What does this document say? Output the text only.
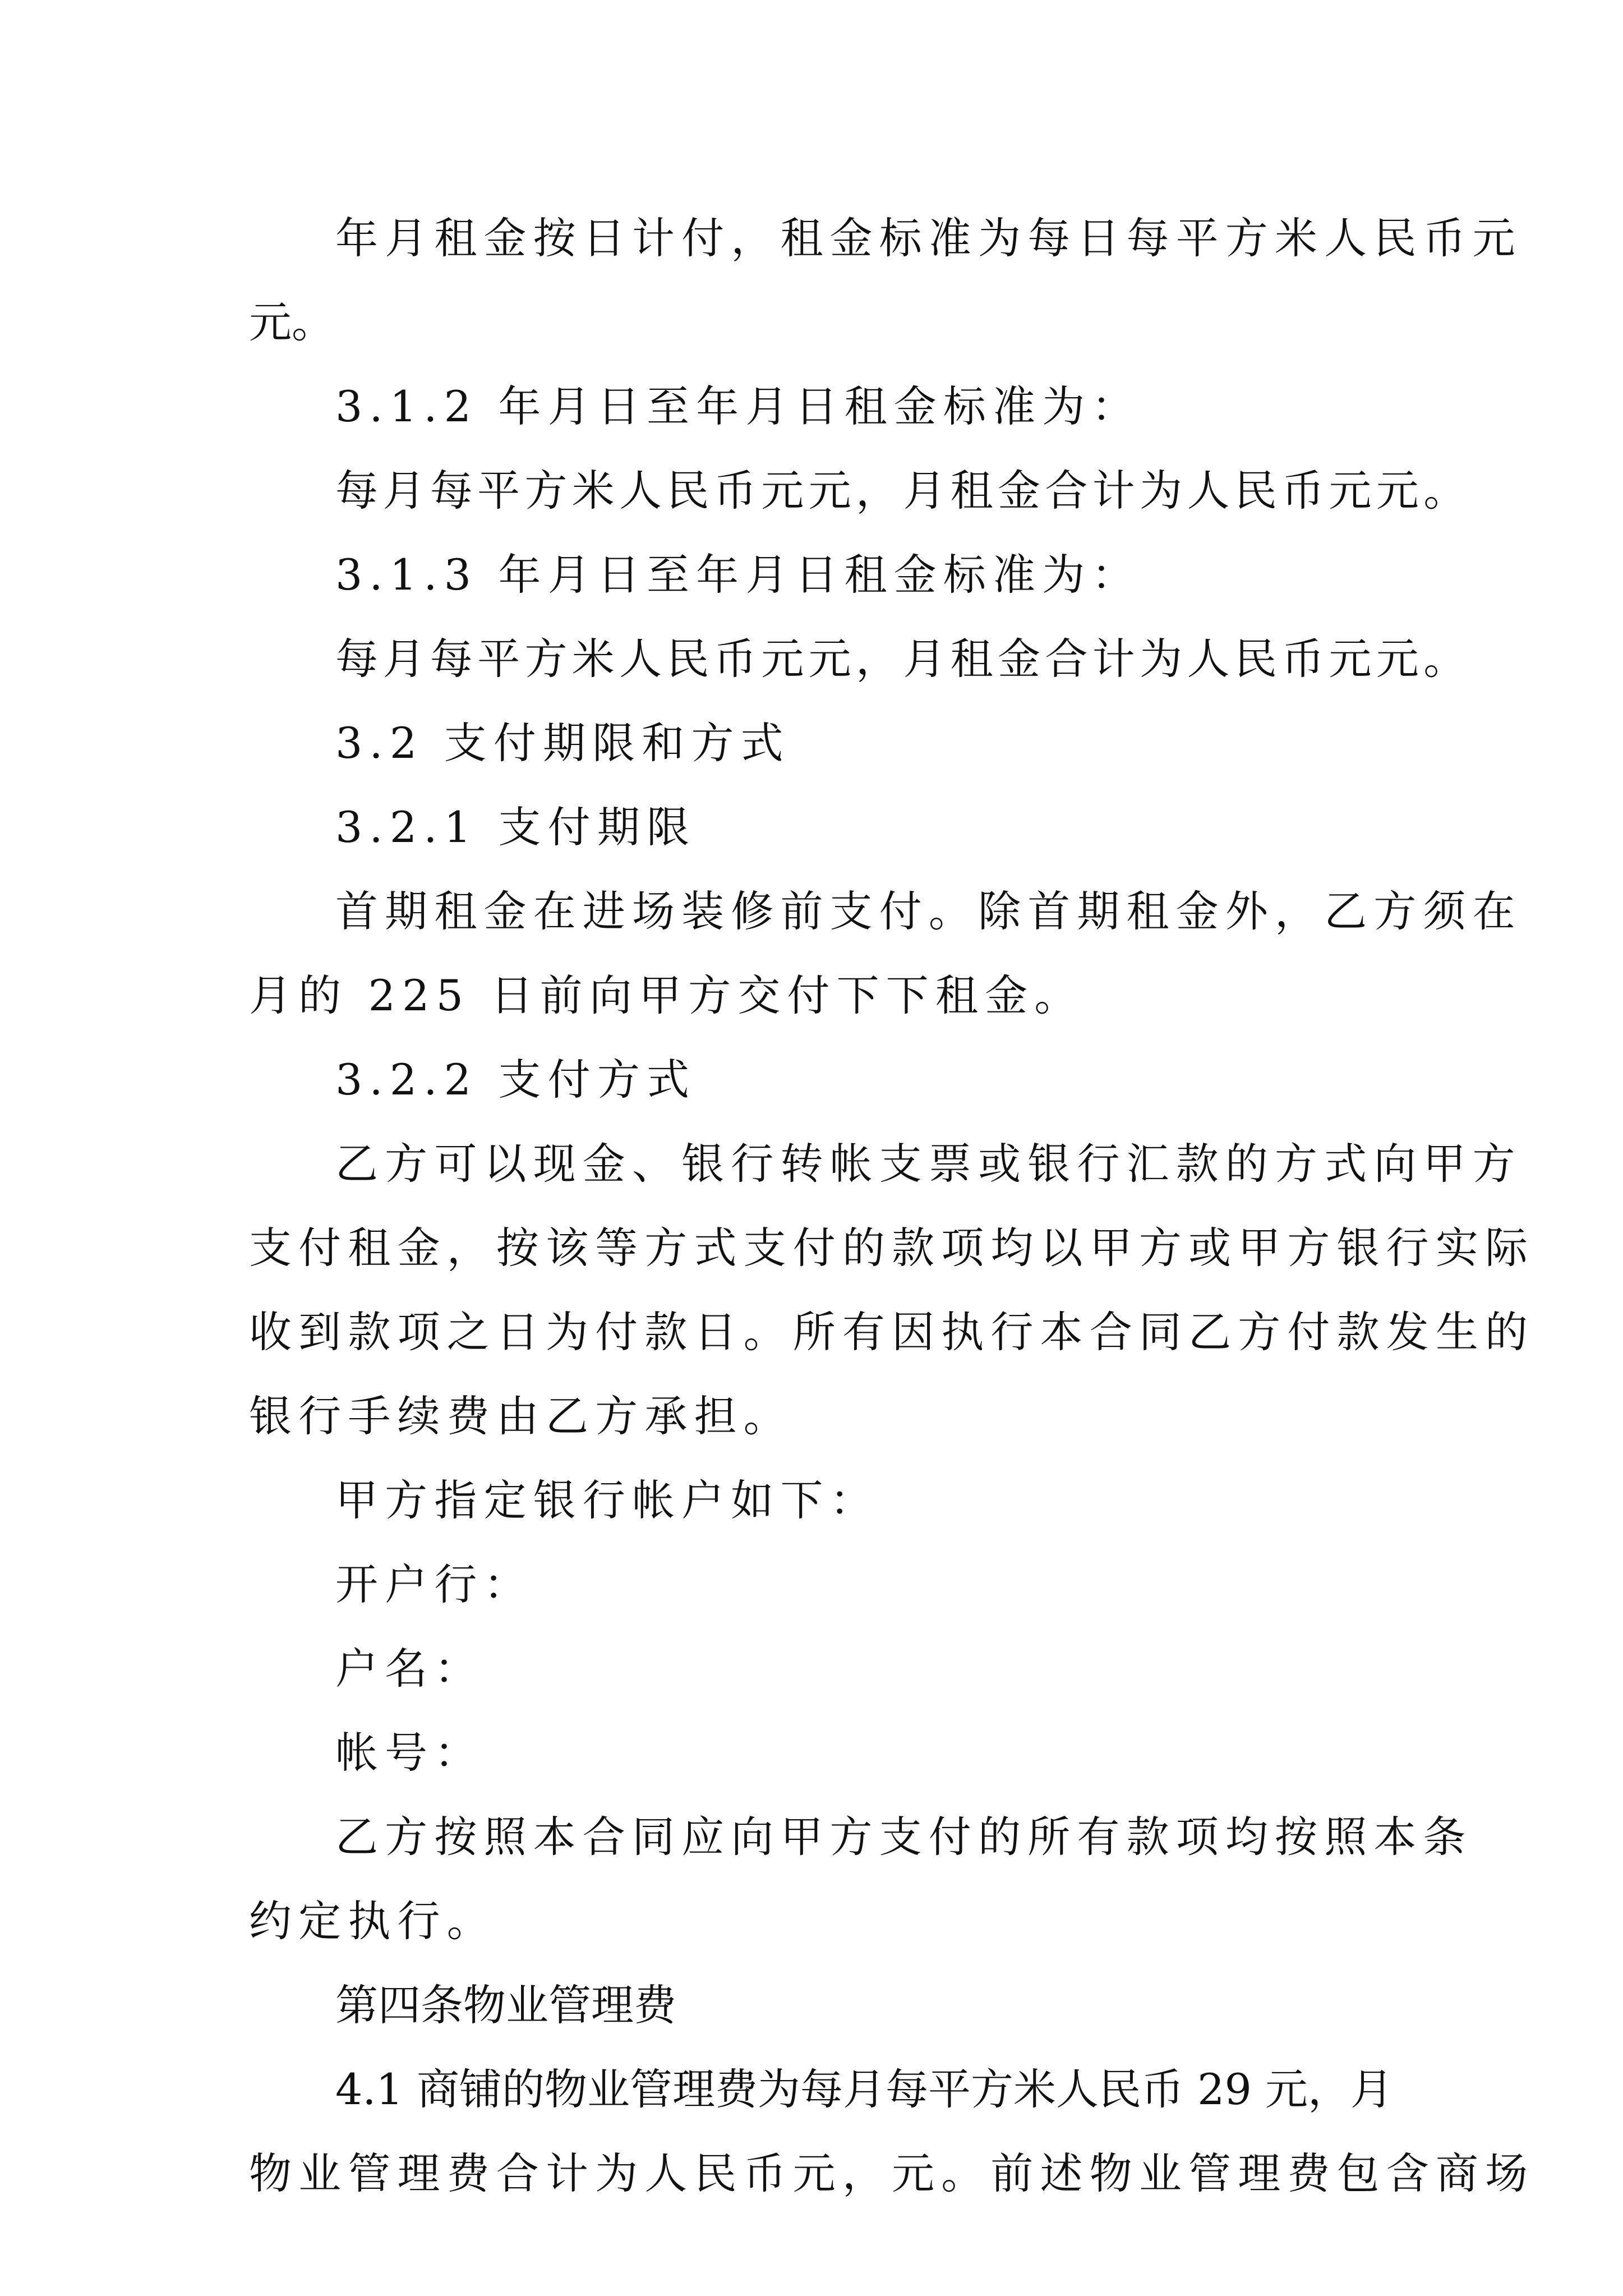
年月租金按日计付，租金标准为每日每平方米人民币元

元。

3.1.2 年月日至年月日租金标准为：

每月每平方米人民币元元，月租金合计为人民币元元。

3.1.3 年月日至年月日租金标准为：

每月每平方米人民币元元，月租金合计为人民币元元。

3.2 支付期限和方式

3.2.1 支付期限

首期租金在进场装修前支付。除首期租金外，乙方须在

月的 225 日前向甲方交付下下租金。

3.2.2 支付方式

乙方可以现金、银行转帐支票或银行汇款的方式向甲方

支付租金，按该等方式支付的款项均以甲方或甲方银行实际

收到款项之日为付款日。所有因执行本合同乙方付款发生的

银行手续费由乙方承担。

甲方指定银行帐户如下：

开户行：

户名：

帐号：

乙方按照本合同应向甲方支付的所有款项均按照本条

约定执行。

第四条物业管理费

4.1 商铺的物业管理费为每月每平方米人民币 29 元，月

物业管理费合计为人民币元，元。前述物业管理费包含商场
